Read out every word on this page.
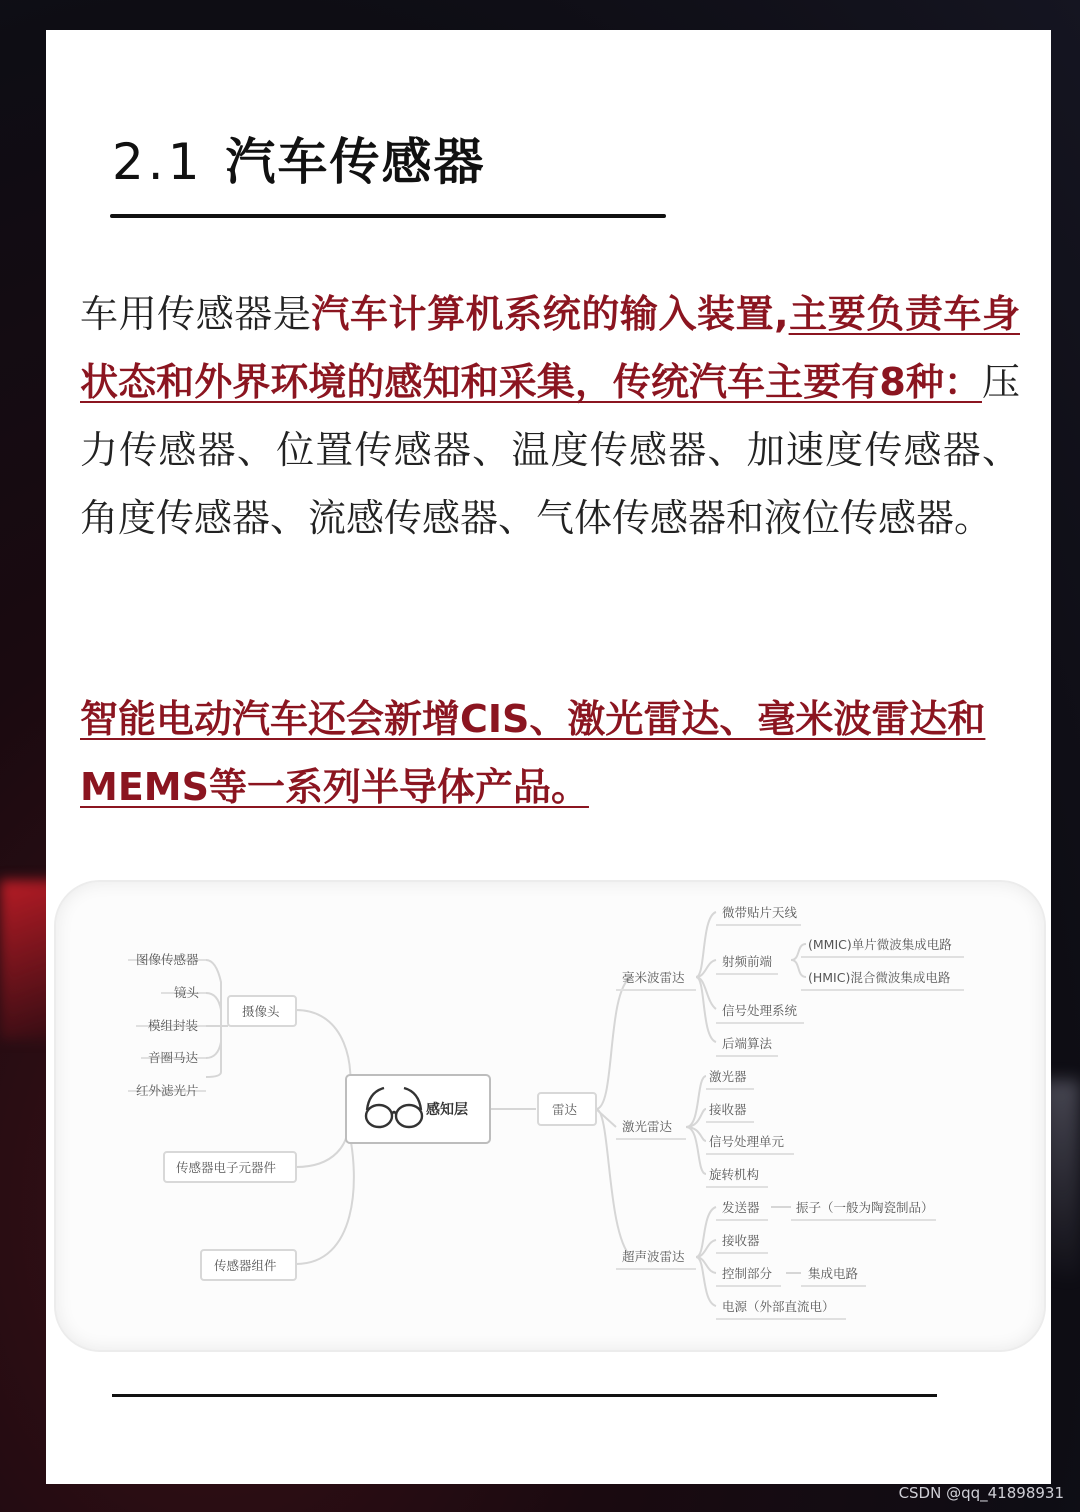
2.1 汽车传感器

车用传感器是汽车计算机系统的输入装置,主要负责车身状态和外界环境的感知和采集，传统汽车主要有8种：压力传感器、位置传感器、温度传感器、加速度传感器、角度传感器、流感传感器、气体传感器和液位传感器。

智能电动汽车还会新增CIS、激光雷达、毫米波雷达和MEMS等一系列半导体产品。

图像传感器
镜头
模组封装
音圈马达
红外滤光片
摄像头
传感器电子元器件
传感器组件
感知层	雷达
毫米波雷达
微带贴片天线
射频前端
(MMIC)单片微波集成电路
(HMIC)混合微波集成电路
信号处理系统
后端算法
激光雷达
激光器
接收器
信号处理单元
旋转机构
超声波雷达
发送器	振子（一般为陶瓷制品）
接收器
控制部分	集成电路
电源（外部直流电）
CSDN @qq_41898931
